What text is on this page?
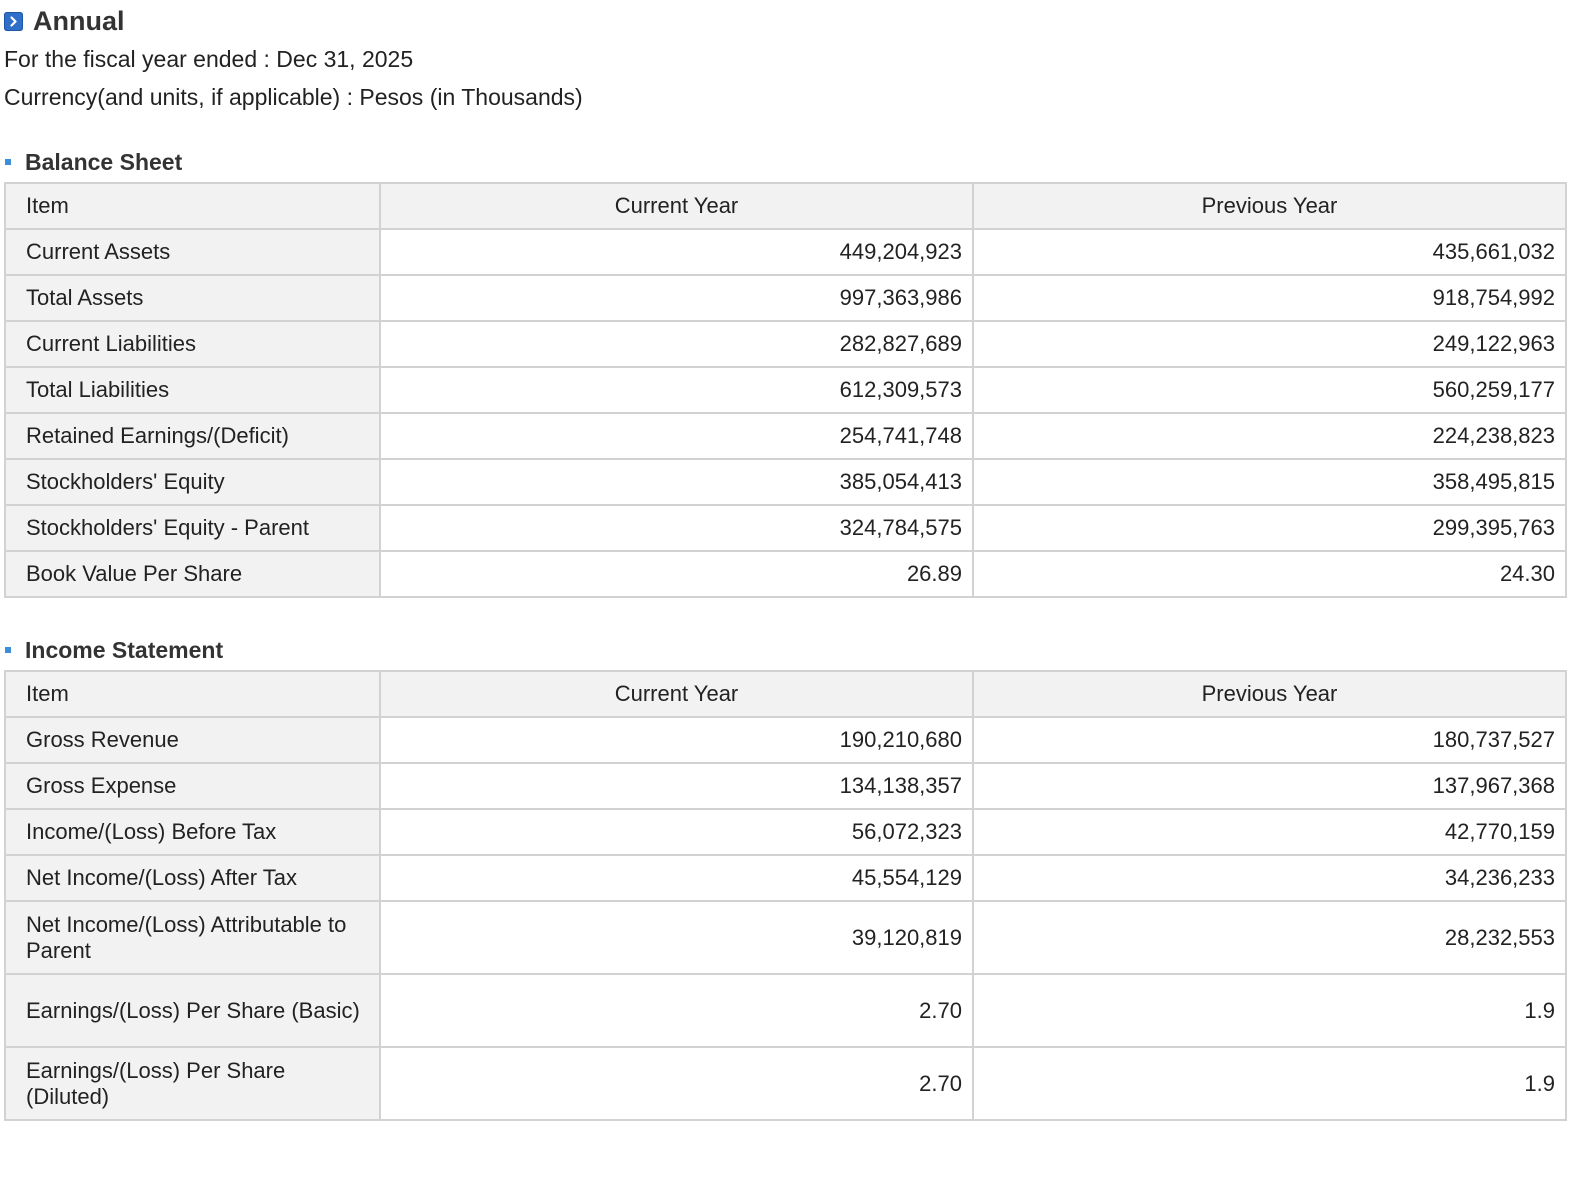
Annual
For the fiscal year ended : Dec 31, 2025
Currency(and units, if applicable) : Pesos (in Thousands)
Balance Sheet
Item	Current Year	Previous Year
Current Assets	449,204,923	435,661,032
Total Assets	997,363,986	918,754,992
Current Liabilities	282,827,689	249,122,963
Total Liabilities	612,309,573	560,259,177
Retained Earnings/(Deficit)	254,741,748	224,238,823
Stockholders' Equity	385,054,413	358,495,815
Stockholders' Equity - Parent	324,784,575	299,395,763
Book Value Per Share	26.89	24.30
Income Statement
Item	Current Year	Previous Year
Gross Revenue	190,210,680	180,737,527
Gross Expense	134,138,357	137,967,368
Income/(Loss) Before Tax	56,072,323	42,770,159
Net Income/(Loss) After Tax	45,554,129	34,236,233
Net Income/(Loss) Attributable to Parent	39,120,819	28,232,553
Earnings/(Loss) Per Share (Basic)	2.70	1.9
Earnings/(Loss) Per Share (Diluted)	2.70	1.9
